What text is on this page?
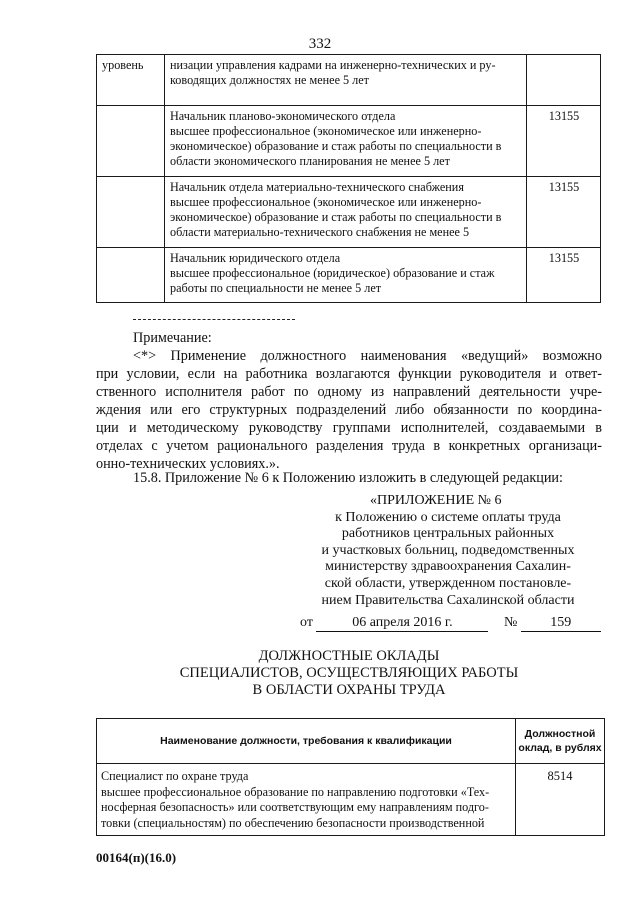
332
уровень	низации управления кадрами на инженерно-технических и ру-
ководящих должностях не менее 5 лет	

	Начальник планово-экономического отдела
высшее профессиональное (экономическое или инженерно-
экономическое) образование и стаж работы по специальности в
области экономического планирования не менее 5 лет	13155

	Начальник отдела материально-технического снабжения
высшее профессиональное (экономическое или инженерно-
экономическое) образование и стаж работы по специальности в
области материально-технического снабжения не менее 5	13155

	Начальник юридического отдела
высшее профессиональное (юридическое) образование и стаж
работы по специальности не менее 5 лет	13155
Примечание:
<*> Применение должностного наименования «ведущий» возможно
при условии, если на работника возлагаются функции руководителя и ответ-
ственного исполнителя работ по одному из направлений деятельности учре-
ждения или его структурных подразделений либо обязанности по координа-
ции и методическому руководству группами исполнителей, создаваемыми в
отделах с учетом рационального разделения труда в конкретных организаци-
онно-технических условиях.».
15.8. Приложение № 6 к Положению изложить в следующей редакции:
«ПРИЛОЖЕНИЕ № 6
к Положению о системе оплаты труда
работников центральных районных
и участковых больниц, подведомственных
министерству здравоохранения Сахалин-
ской области, утвержденном постановле-
нием Правительства Сахалинской области
от	06 апреля 2016 г.	№ 159
ДОЛЖНОСТНЫЕ ОКЛАДЫ
СПЕЦИАЛИСТОВ, ОСУЩЕСТВЛЯЮЩИХ РАБОТЫ
В ОБЛАСТИ ОХРАНЫ ТРУДА
Наименование должности, требования к квалификации	Должностной
оклад, в рублях

Специалист по охране труда
высшее профессиональное образование по направлению подготовки «Тех-
носферная безопасность» или соответствующим ему направлениям подго-
товки (специальностям) по обеспечению безопасности производственной	8514
00164(п)(16.0)
